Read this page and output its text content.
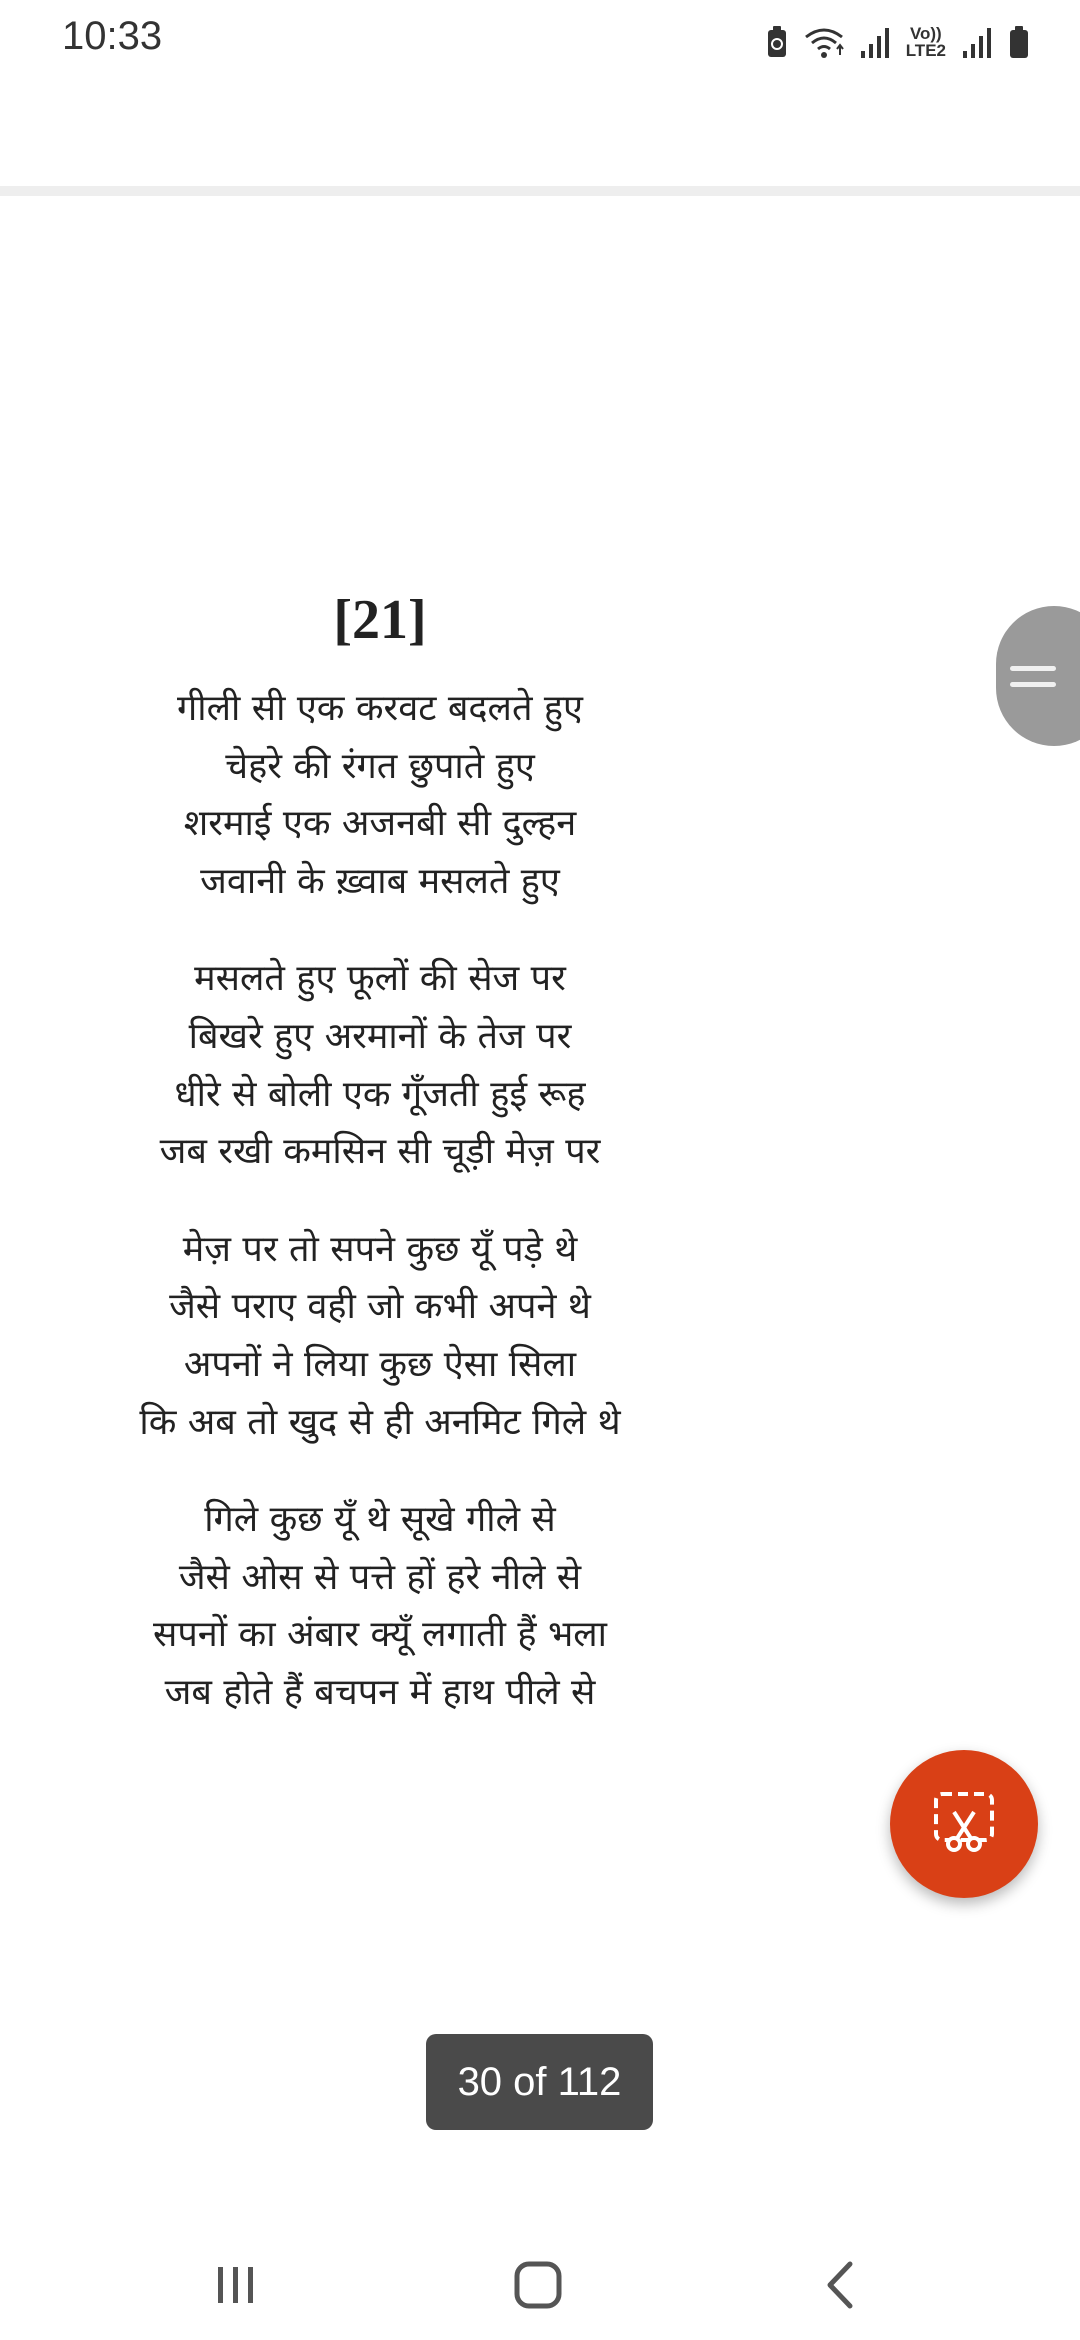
10:33	Vo))
LTE2
[21]
गीली सी एक करवट बदलते हुए
चेहरे की रंगत छुपाते हुए
शरमाई एक अजनबी सी दुल्हन
जवानी के ख़्वाब मसलते हुए
मसलते हुए फूलों की सेज पर
बिखरे हुए अरमानों के तेज पर
धीरे से बोली एक गूँजती हुई रूह
जब रखी कमसिन सी चूड़ी मेज़ पर
मेज़ पर तो सपने कुछ यूँ पड़े थे
जैसे पराए वही जो कभी अपने थे
अपनों ने लिया कुछ ऐसा सिला
कि अब तो खुद से ही अनमिट गिले थे
गिले कुछ यूँ थे सूखे गीले से
जैसे ओस से पत्ते हों हरे नीले से
सपनों का अंबार क्यूँ लगाती हैं भला
जब होते हैं बचपन में हाथ पीले से
30 of 112
